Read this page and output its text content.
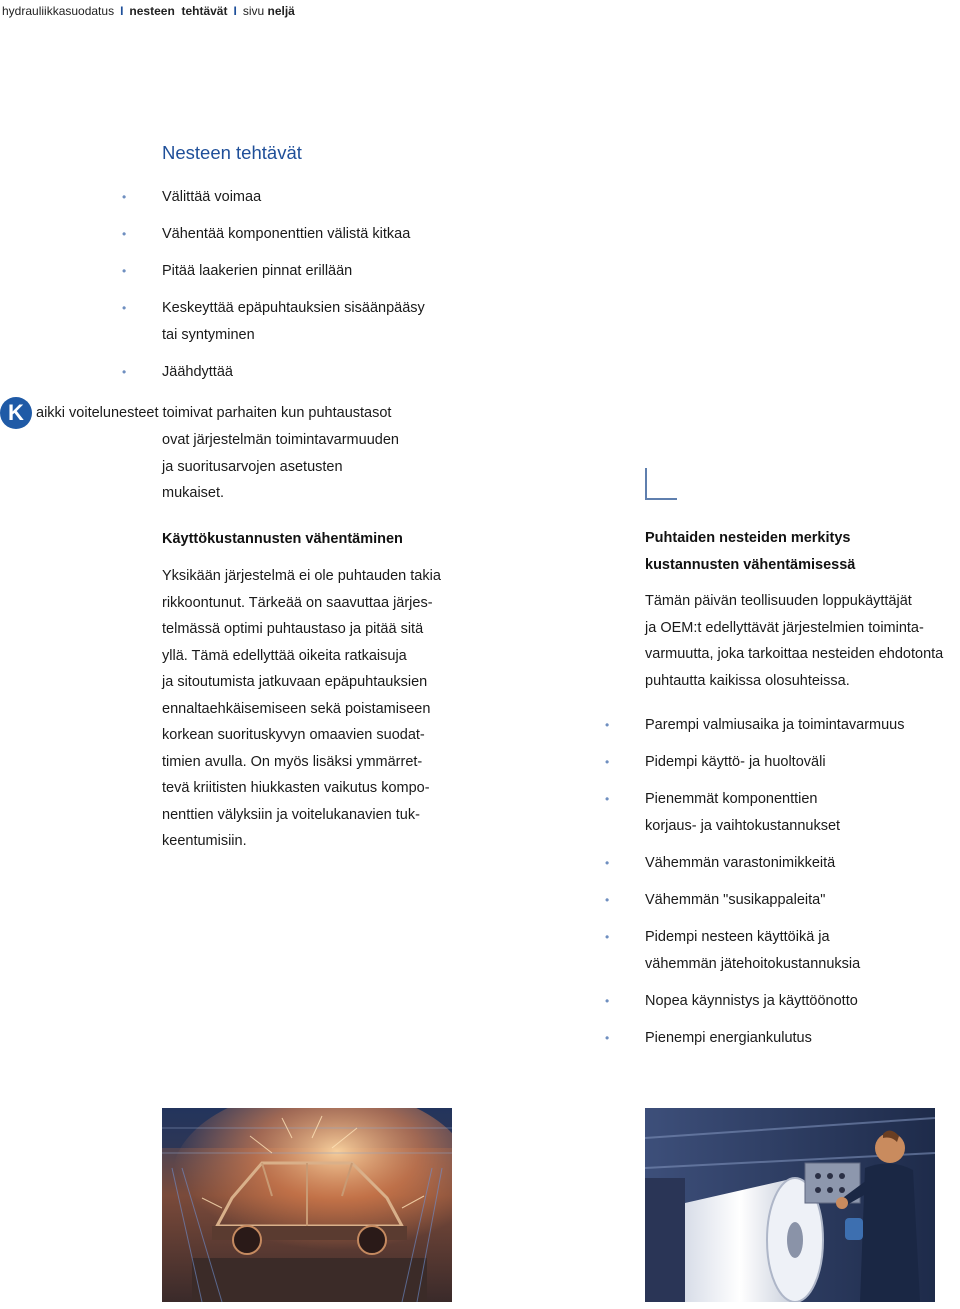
hydrauliikkasuodatus I nesteen tehtävät I sivu neljä
Nesteen tehtävät
• Välittää voimaa
• Vähentää komponenttien välistä kitkaa
• Pitää laakerien pinnat erillään
• Keskeyttää epäpuhtauksien sisäänpääsy
tai syntyminen
• Jäähdyttää
K aikki voitelunesteet toimivat parhaiten kun puhtaustasot
ovat järjestelmän toimintavarmuuden
ja suoritusarvojen asetusten
mukaiset.
Käyttökustannusten vähentäminen
Yksikään järjestelmä ei ole puhtauden takia
rikkoontunut. Tärkeää on saavuttaa järjes-
telmässä optimi puhtaustaso ja pitää sitä
yllä. Tämä edellyttää oikeita ratkaisuja
ja sitoutumista jatkuvaan epäpuhtauksien
ennaltaehkäisemiseen sekä poistamiseen
korkean suorituskyvyn omaavien suodat-
timien avulla. On myös lisäksi ymmärret-
tevä kriitisten hiukkasten vaikutus kompo-
nenttien välyksiin ja voitelukanavien tuk-
keentumisiin.
Puhtaiden nesteiden merkitys
kustannusten vähentämisessä
Tämän päivän teollisuuden loppukäyttäjät
ja OEM:t edellyttävät järjestelmien toiminta-
varmuutta, joka tarkoittaa nesteiden ehdotonta
puhtautta kaikissa olosuhteissa.
• Parempi valmiusaika ja toimintavarmuus
• Pidempi käyttö- ja huoltoväli
• Pienemmät komponenttien
korjaus- ja vaihtokustannukset
• Vähemmän varastonimikkeitä
• Vähemmän "susikappaleita"
• Pidempi nesteen käyttöikä ja
vähemmän jätehoitokustannuksia
• Nopea käynnistys ja käyttöönotto
• Pienempi energiankulutus
